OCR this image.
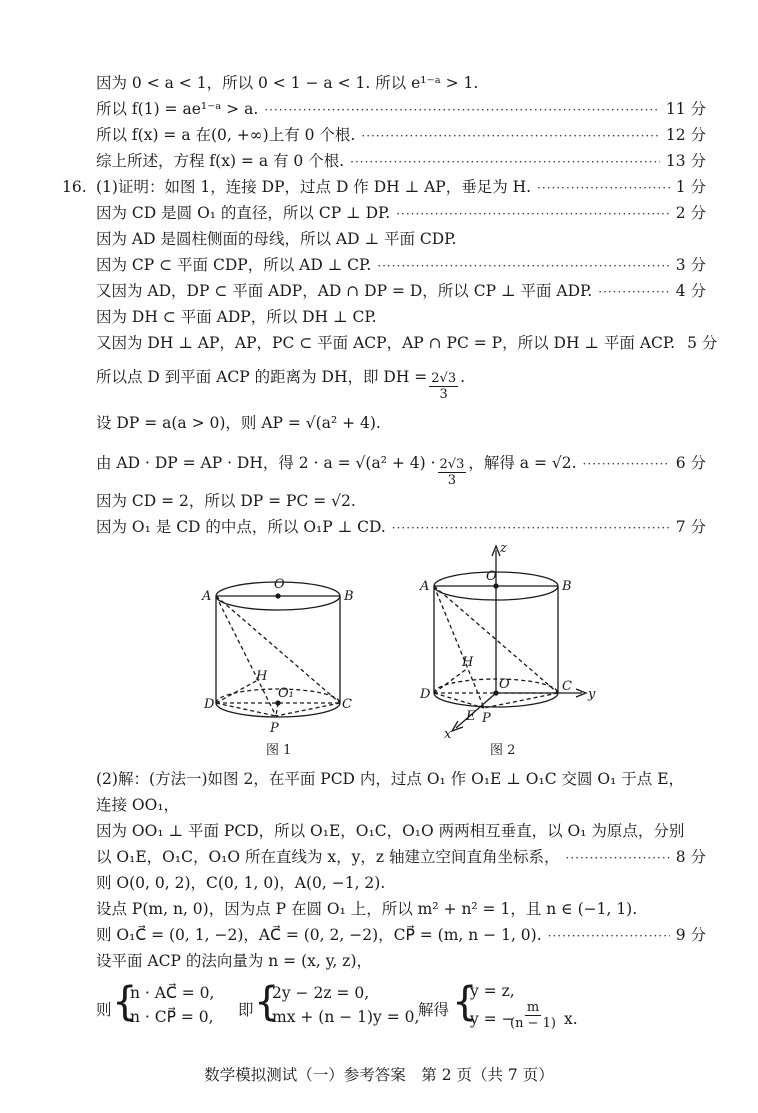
因为 0 < a < 1，所以 0 < 1 − a < 1. 所以 e¹⁻ᵃ > 1.
所以 f(1) = ae¹⁻ᵃ > a. ·····	11 分
所以 f(x) = a 在(0, +∞)上有 0 个根. ·····	12 分
综上所述，方程 f(x) = a 有 0 个根. ·····	13 分
16. (1)证明：如图 1，连接 DP，过点 D 作 DH ⊥ AP，垂足为 H. ·····	1 分
因为 CD 是圆 O₁ 的直径，所以 CP ⊥ DP. ·····	2 分
因为 AD 是圆柱侧面的母线，所以 AD ⊥ 平面 CDP.
因为 CP ⊂ 平面 CDP，所以 AD ⊥ CP. ·····	3 分
又因为 AD，DP ⊂ 平面 ADP，AD ∩ DP = D，所以 CP ⊥ 平面 ADP. ·····	4 分
因为 DH ⊂ 平面 ADP，所以 DH ⊥ CP.
又因为 DH ⊥ AP，AP，PC ⊂ 平面 ACP，AP ∩ PC = P，所以 DH ⊥ 平面 ACP. 5 分
所以点 D 到平面 ACP 的距离为 DH，即 DH = $\frac{2√3}{3}$ .
设 DP = a(a > 0)，则 AP = √(a² + 4).
由 AD · DP = AP · DH，得 $2 \cdot a = √(a^2 + 4) \cdot \frac{2√3}{3}$ ，解得 a = √2. ·····	6 分
因为 CD = 2，所以 DP = PC = √2.
因为 O₁ 是 CD 的中点，所以 O₁P ⊥ CD. ·····	7 分
A	B
O
H
O₁
D	C
P
图 1
A	B
O
z
H
O
D
C
y
E P
x
图 2
(2)解：(方法一)如图 2，在平面 PCD 内，过点 O₁ 作 O₁E ⊥ O₁C 交圆 O₁ 于点 E，
连接 OO₁，
因为 OO₁ ⊥ 平面 PCD，所以 O₁E，O₁C，O₁O 两两相互垂直，以 O₁ 为原点，分别
以 O₁E，O₁C，O₁O 所在直线为 x，y，z 轴建立空间直角坐标系， ·····	8 分
则 O(0, 0, 2)，C(0, 1, 0)，A(0, −1, 2).
设点 P(m, n, 0)，因为点 P 在圆 O₁ 上，所以 m² + n² = 1，且 n ∈ (−1, 1).
则 O₁C⃗ = (0, 1, −2)，AC⃗ = (0, 2, −2)，CP⃗ = (m, n − 1, 0). ·····	9 分
设平面 ACP 的法向量为 n = (x, y, z)，
则 {
n · AC⃗ = 0,
n · CP⃗ = 0, 即 {
2y − 2z = 0,
mx + (n − 1)y = 0,
解得 {
y = z,
y = −
$\frac{m}{(n - 1)} x$.
数学模拟测试（一）参考答案　第 2 页（共 7 页）
